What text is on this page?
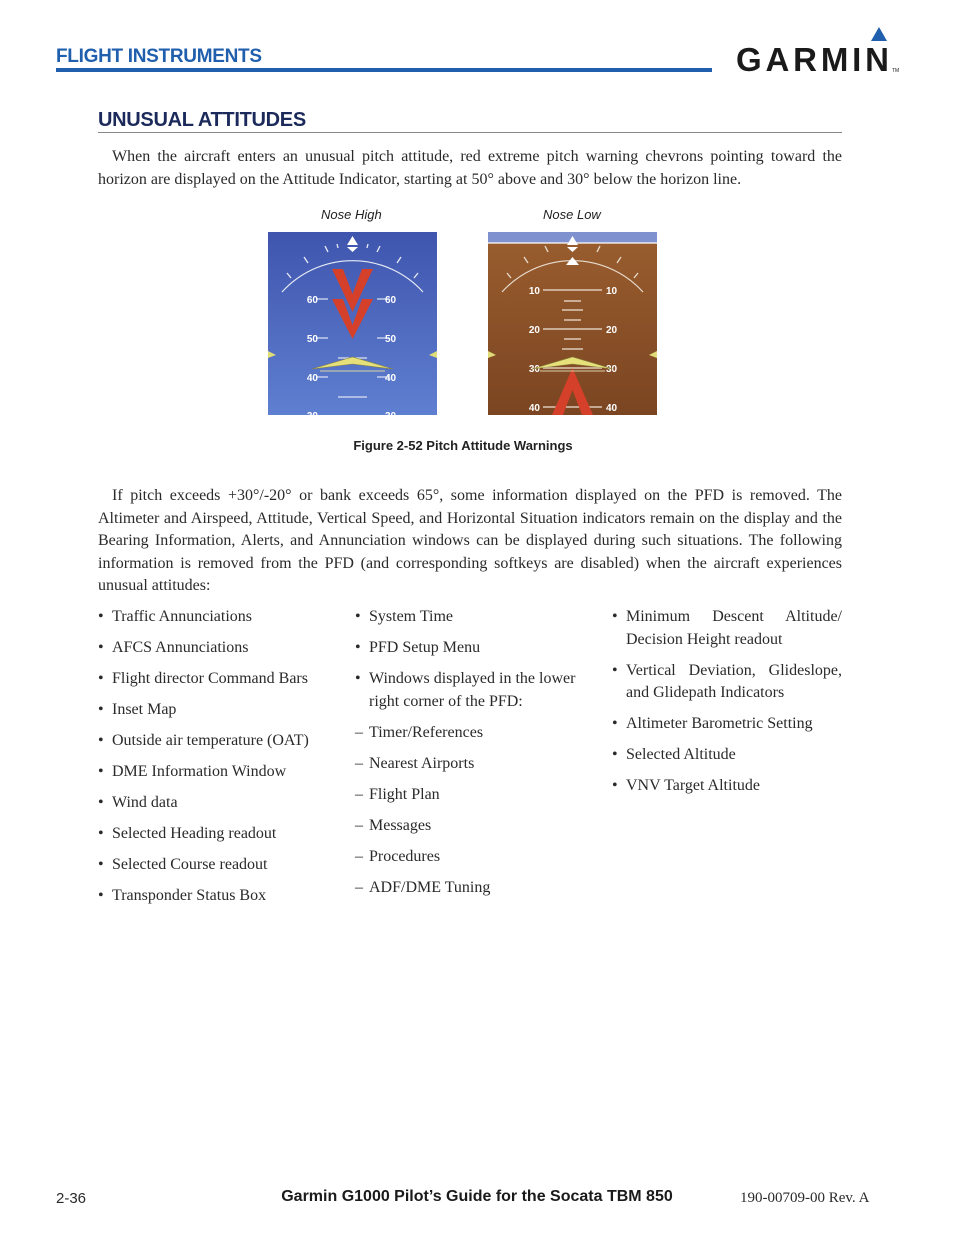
FLIGHT INSTRUMENTS	GARMIN TM
UNUSUAL ATTITUDES
When the aircraft enters an unusual pitch attitude, red extreme pitch warning chevrons pointing toward the horizon are displayed on the Attitude Indicator, starting at 50° above and 30° below the horizon line.
Nose High	Nose Low
60	60
50	50
40	40
30	30
10	10
20	20
30	30
40	40
Figure 2-52 Pitch Attitude Warnings
If pitch exceeds +30°/-20° or bank exceeds 65°, some information displayed on the PFD is removed. The Altimeter and Airspeed, Attitude, Vertical Speed, and Horizontal Situation indicators remain on the display and the Bearing Information, Alerts, and Annunciation windows can be displayed during such situations. The following information is removed from the PFD (and corresponding softkeys are disabled) when the aircraft experiences unusual attitudes:
• Traffic Annunciations
• AFCS Annunciations
• Flight director Command Bars
• Inset Map
• Outside air temperature (OAT)
• DME Information Window
• Wind data
• Selected Heading readout
• Selected Course readout
• Transponder Status Box
• System Time
• PFD Setup Menu
• Windows displayed in the lower right corner of the PFD:
– Timer/References
– Nearest Airports
– Flight Plan
– Messages
– Procedures
– ADF/DME Tuning
• Minimum Descent Altitude/ Decision Height readout
• Vertical Deviation, Glideslope, and Glidepath Indicators
• Altimeter Barometric Setting
• Selected Altitude
• VNV Target Altitude
2-36	Garmin G1000 Pilot’s Guide for the Socata TBM 850	190-00709-00 Rev. A
